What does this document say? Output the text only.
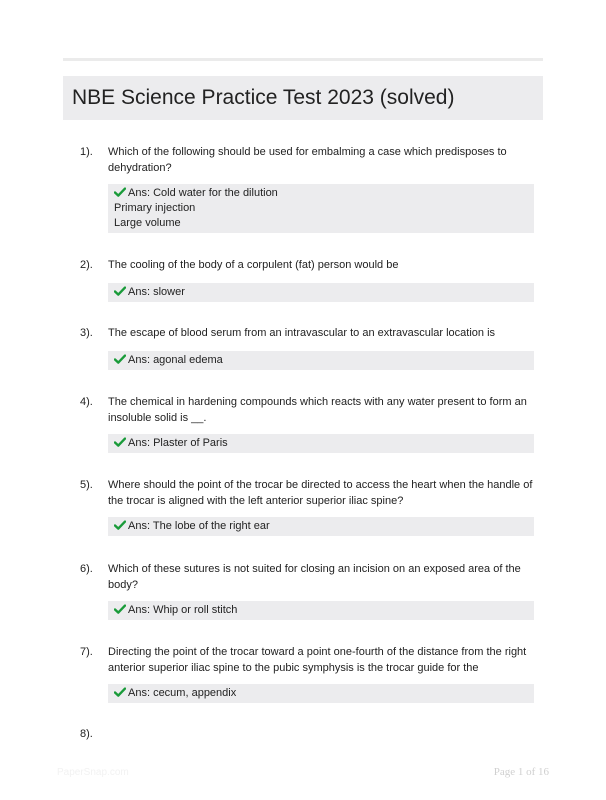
NBE Science Practice Test 2023 (solved)
1). Which of the following should be used for embalming a case which predisposes to dehydration?
Ans: Cold water for the dilution
Primary injection
Large volume
2). The cooling of the body of a corpulent (fat) person would be
Ans: slower
3). The escape of blood serum from an intravascular to an extravascular location is
Ans: agonal edema
4). The chemical in hardening compounds which reacts with any water present to form an insoluble solid is __.
Ans: Plaster of Paris
5). Where should the point of the trocar be directed to access the heart when the handle of the trocar is aligned with the left anterior superior iliac spine?
Ans: The lobe of the right ear
6). Which of these sutures is not suited for closing an incision on an exposed area of the body?
Ans: Whip or roll stitch
7). Directing the point of the trocar toward a point one-fourth of the distance from the right anterior superior iliac spine to the pubic symphysis is the trocar guide for the
Ans: cecum, appendix
8).
PaperSnap.com	Page 1 of 16
